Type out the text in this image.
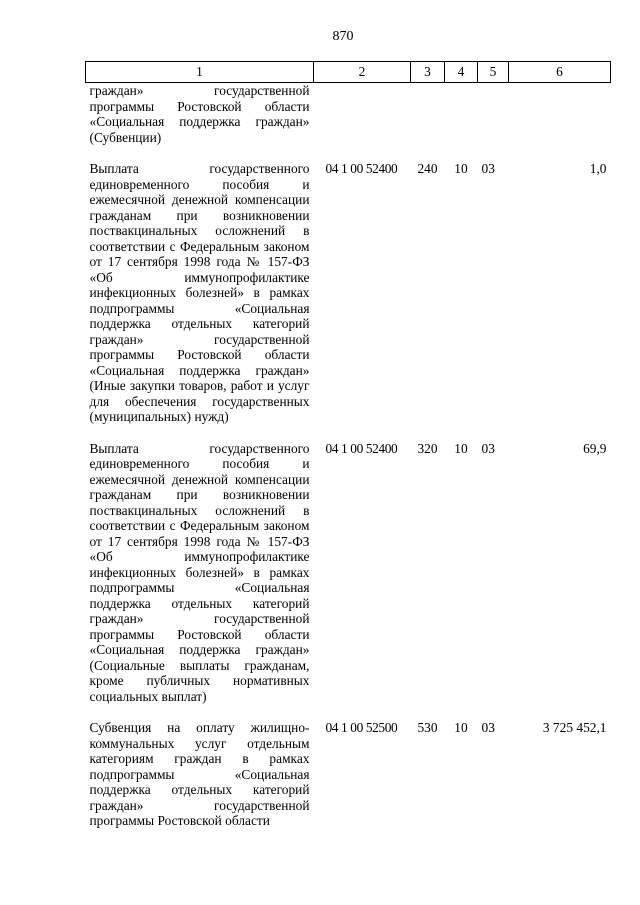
870
1	2	3	4	5	6
граждан» государственной программы Ростовской области «Социальная поддержка граждан» (Субвенции)					

Выплата государственного единовременного пособия и ежемесячной денежной компенсации гражданам при возникновении поствакцинальных осложнений в соответствии с Федеральным законом от 17 сентября 1998 года № 157-ФЗ «Об иммунопрофилактике инфекционных болезней» в рамках подпрограммы «Социальная поддержка отдельных категорий граждан» государственной программы Ростовской области «Социальная поддержка граждан» (Иные закупки товаров, работ и услуг для обеспечения государственных (муниципальных) нужд)	04 1 00 52400	240	10	03	1,0

Выплата государственного единовременного пособия и ежемесячной денежной компенсации гражданам при возникновении поствакцинальных осложнений в соответствии с Федеральным законом от 17 сентября 1998 года № 157-ФЗ «Об иммунопрофилактике инфекционных болезней» в рамках подпрограммы «Социальная поддержка отдельных категорий граждан» государственной программы Ростовской области «Социальная поддержка граждан» (Социальные выплаты гражданам, кроме публичных нормативных социальных выплат)	04 1 00 52400	320	10	03	69,9

Субвенция на оплату жилищно-коммунальных услуг отдельным категориям граждан в рамках подпрограммы «Социальная поддержка отдельных категорий граждан» государственной программы Ростовской области	04 1 00 52500	530	10	03	3 725 452,1
